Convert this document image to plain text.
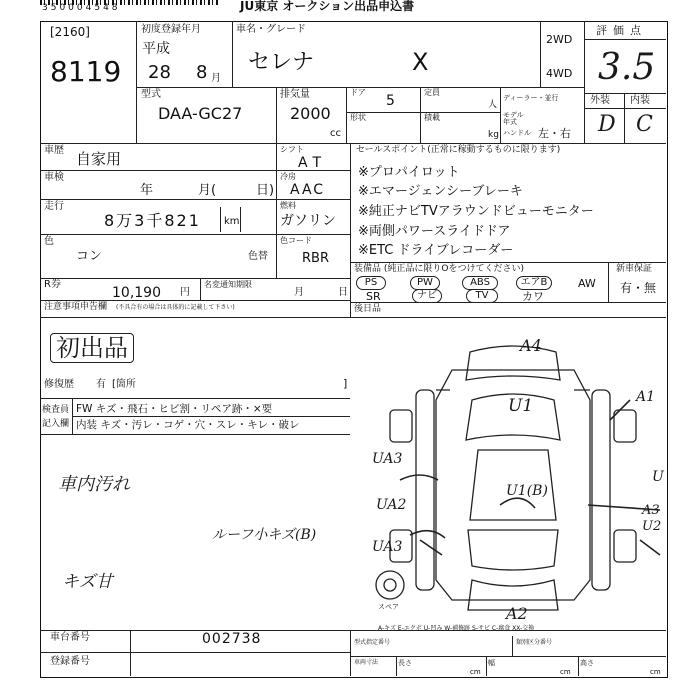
350004548	JU東京 オークション出品申込書
[2160]
8119
初度登録年月
平成
28 8 月
車名・グレード
セレナ	X
2WD
4WD
型式
DAA-GC27
排気量
2000
cc
ドア
5
定員
人
形状	積載
kg
ディーラー・並行
モデル年式
ハンドル 左・右
評価点
3.5
外装 内装
D C
車歴 自家用
シフト
AT
車検
年	月(	日)
冷房
AAC
走行
8万3千821 km
燃料
ガソリン
色
コン	色替
色コード
RBR
R券
10,190 円
名変通知期限
月	日
注意事項申告欄 (不具合有の場合は具体的に記載して下さい)
初出品
修復歴 有 [箇所	]
検査員
記入欄
FW キズ・飛石・ヒビ割・リペア跡・×要
内装 キズ・汚レ・コゲ・穴・スレ・キレ・破レ
車内汚れ
ルーフ小キズ(B)
キズ甘
セールスポイント(正常に稼動するものに限ります)
※プロパイロット
※エマージェンシーブレーキ
※純正ナビTVアラウンドビューモニター
※両側パワースライドドア
※ETC ドライブレコーダー
装備品 (純正品に限りOをつけてください)
PS	PW	ABS	エアB	AW
SR	ナビ	TV	カワ
新車保証
有・無
後日品
A4
A1
U1
U1(B)
UA3
UA2
UA3
U
A3
U2
A2
スペア
A-キズ E-エクボ U-凹み W-補修跡 S-サビ C-腐食 XX-交換
車台番号	002738
登録番号
型式指定番号	類別区分番号
車両寸法	長さ
cm
幅
cm
高さ
cm
